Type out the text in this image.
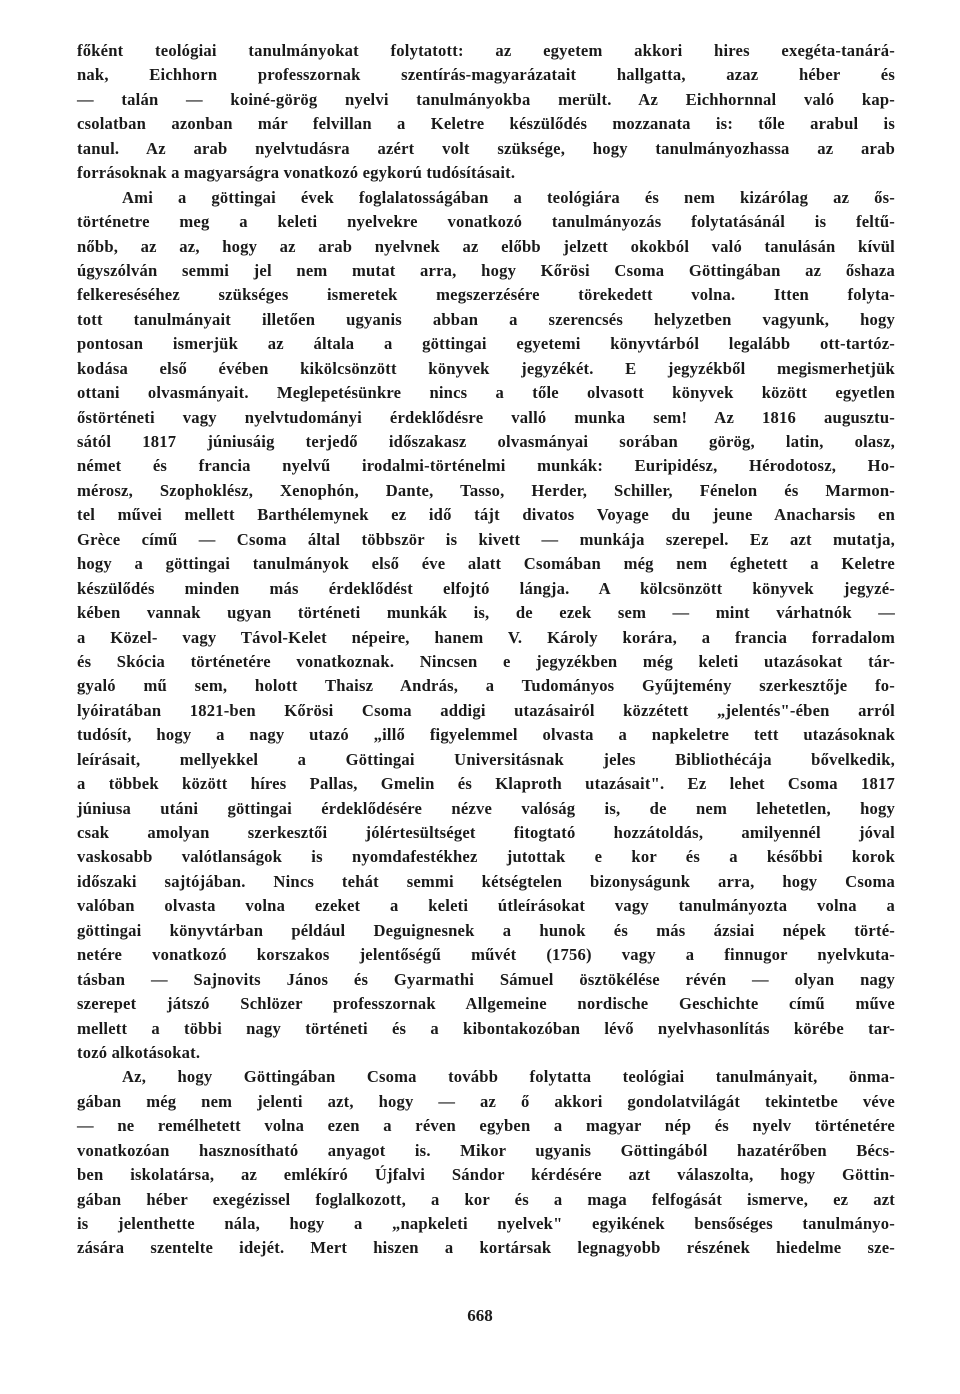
főként teológiai tanulmányokat folytatott: az egyetem akkori hires exegéta-tanárá-
nak, Eichhorn professzornak szentírás-magyarázatait hallgatta, azaz héber és
— talán — koiné-görög nyelvi tanulmányokba merült. Az Eichhornnal való kap-
csolatban azonban már felvillan a Keletre készülődés mozzanata is: tőle arabul is
tanul. Az arab nyelvtudásra azért volt szüksége, hogy tanulmányozhassa az arab
forrásoknak a magyarságra vonatkozó egykorú tudósításait.
Ami a göttingai évek foglalatosságában a teológiára és nem kizárólag az ős-
történetre meg a keleti nyelvekre vonatkozó tanulmányozás folytatásánál is feltű-
nőbb, az az, hogy az arab nyelvnek az előbb jelzett okokból való tanulásán kívül
úgyszólván semmi jel nem mutat arra, hogy Kőrösi Csoma Göttingában az őshaza
felkereséséhez szükséges ismeretek megszerzésére törekedett volna. Itten folyta-
tott tanulmányait illetően ugyanis abban a szerencsés helyzetben vagyunk, hogy
pontosan ismerjük az általa a göttingai egyetemi könyvtárból legalább ott-tartóz-
kodása első évében kikölcsönzött könyvek jegyzékét. E jegyzékből megismerhetjük
ottani olvasmányait. Meglepetésünkre nincs a tőle olvasott könyvek között egyetlen
őstörténeti vagy nyelvtudományi érdeklődésre valló munka sem! Az 1816 augusztu-
sától 1817 júniusáig terjedő időszakasz olvasmányai sorában görög, latin, olasz,
német és francia nyelvű irodalmi-történelmi munkák: Euripidész, Hérodotosz, Ho-
mérosz, Szophoklész, Xenophón, Dante, Tasso, Herder, Schiller, Fénelon és Marmon-
tel művei mellett Barthélemynek ez idő tájt divatos Voyage du jeune Anacharsis en
Grèce című — Csoma által többször is kivett — munkája szerepel. Ez azt mutatja,
hogy a göttingai tanulmányok első éve alatt Csomában még nem éghetett a Keletre
készülődés minden más érdeklődést elfojtó lángja. A kölcsönzött könyvek jegyzé-
kében vannak ugyan történeti munkák is, de ezek sem — mint várhatnók —
a Közel- vagy Távol-Kelet népeire, hanem V. Károly korára, a francia forradalom
és Skócia történetére vonatkoznak. Nincsen e jegyzékben még keleti utazásokat tár-
gyaló mű sem, holott Thaisz András, a Tudományos Gyűjtemény szerkesztője fo-
lyóiratában 1821-ben Kőrösi Csoma addigi utazásairól közzétett „jelentés"-ében arról
tudósít, hogy a nagy utazó „illő figyelemmel olvasta a napkeletre tett utazásoknak
leírásait, mellyekkel a Göttingai Universitásnak jeles Bibliothécája bővelkedik,
a többek között híres Pallas, Gmelin és Klaproth utazásait". Ez lehet Csoma 1817
júniusa utáni göttingai érdeklődésére nézve valóság is, de nem lehetetlen, hogy
csak amolyan szerkesztői jólértesültséget fitogtató hozzátoldás, amilyennél jóval
vaskosabb valótlanságok is nyomdafestékhez jutottak e kor és a későbbi korok
időszaki sajtójában. Nincs tehát semmi kétségtelen bizonyságunk arra, hogy Csoma
valóban olvasta volna ezeket a keleti útleírásokat vagy tanulmányozta volna a
göttingai könyvtárban például Deguignesnek a hunok és más ázsiai népek törté-
netére vonatkozó korszakos jelentőségű művét (1756) vagy a finnugor nyelvkuta-
tásban — Sajnovits János és Gyarmathi Sámuel ösztökélése révén — olyan nagy
szerepet játszó Schlözer professzornak Allgemeine nordische Geschichte című műve
mellett a többi nagy történeti és a kibontakozóban lévő nyelvhasonlítás körébe tar-
tozó alkotásokat.
Az, hogy Göttingában Csoma tovább folytatta teológiai tanulmányait, önma-
gában még nem jelenti azt, hogy — az ő akkori gondolatvilágát tekintetbe véve
— ne remélhetett volna ezen a réven egyben a magyar nép és nyelv történetére
vonatkozóan hasznosítható anyagot is. Mikor ugyanis Göttingából hazatérőben Bécs-
ben iskolatársa, az emlékíró Újfalvi Sándor kérdésére azt válaszolta, hogy Göttin-
gában héber exegézissel foglalkozott, a kor és a maga felfogását ismerve, ez azt
is jelenthette nála, hogy a „napkeleti nyelvek" egyikének bensőséges tanulmányo-
zására szentelte idejét. Mert hiszen a kortársak legnagyobb részének hiedelme sze-
668
